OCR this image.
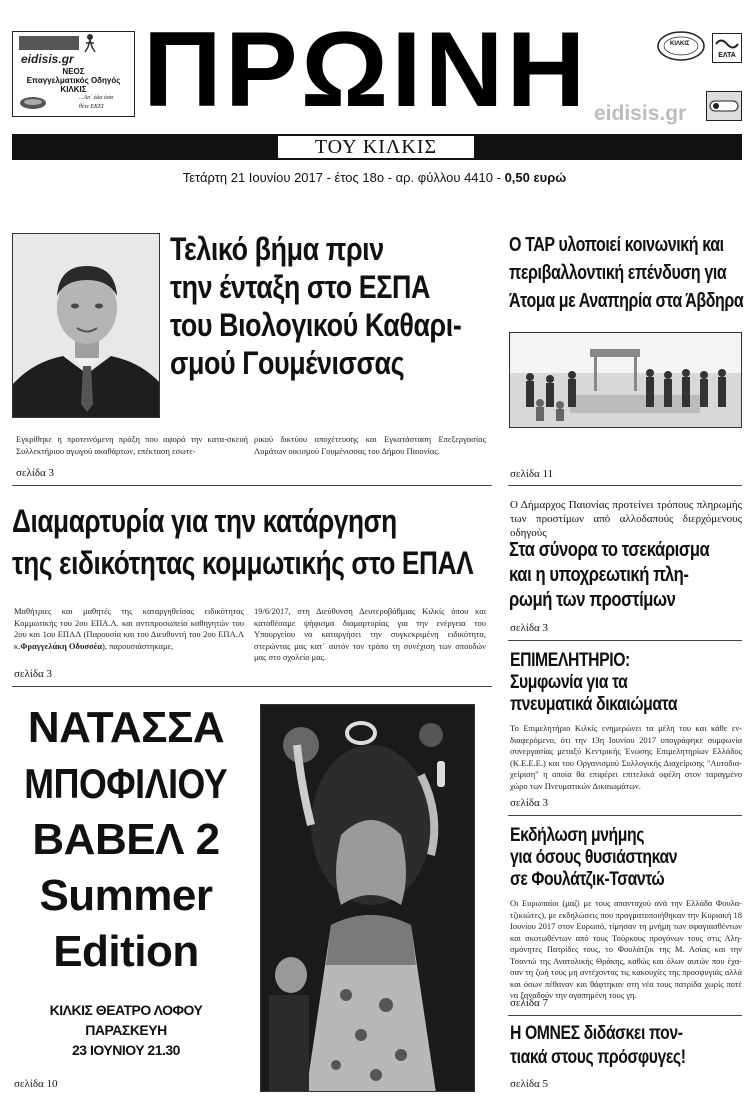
eidisis.gr
ΝΕΟΣ
Επαγγελματικός Οδηγός
ΚΙΛΚΙΣ
...Απ΄ όλα όσα
θέτε ΕΚΕΙ ΠΡΩΙΝΗ	ΚΙΛΚΙΣ
ΕΛΤΑ
eidisis.gr
ΤΟΥ ΚΙΛΚΙΣ
Τετάρτη 21 Ιουνίου 2017 - έτος 18ο - αρ. φύλλου 4410 - 0,50 ευρώ
Τελικό βήμα πριν
την ένταξη στο ΕΣΠΑ
του Βιολογικού Καθαρι-
σμού Γουμένισσας
Εγκρίθηκε η προτεινόμενη πράξη που αφορά την κατα-σκευή Συλλεκτήριου αγωγού ακαθάρτων, επέκταση εσωτε-
ρικού δικτύου αποχέτευσης και Εγκατάσταση Επεξεργασίας Λυμάτων οικισμού Γουμένισσας του Δήμου Παιονίας.
σελίδα 3
Ο TAP υλοποιεί κοινωνική και
περιβαλλοντική επένδυση για
Άτομα με Αναπηρία στα Άβδηρα
σελίδα 11
Διαμαρτυρία για την κατάργηση
της ειδικότητας κομμωτικής στο ΕΠΑΛ
Μαθήτριες και μαθητές της καταργηθείσας ειδικότητας Κομμωτικής του 2ου ΕΠΑ.Λ. και αντιπροσωπεία καθηγητών του 2ου και 1ου ΕΠΑΛ (Παρουσία και του Διευθυντή του 2ου ΕΠΑ.Λ κ.Φραγγελάκη Οδυσσέα), παρουσιάστηκαμε,
19/6/2017, στη Διεύθυνση Δευτεροβάθμιας Κιλκίς όπου και καταθέσαμε ψήφισμα διαμαρτυρίας για την ενέργεια του Υπουργείου να καταργήσει την συγκεκριμένη ειδικότητα, στερώντας μας κατ΄ αυτόν τον τρόπο τη συνέχιση των σπουδών μας στο σχολείο μας.
σελίδα 3
Ο Δήμαρχος Παιονίας προτείνει τρόπους πληρωμής των προστίμων από αλλοδαπούς διερχόμενους οδηγούς
Στα σύνορα το τσεκάρισμα
και η υποχρεωτική πλη-
ρωμή των προστίμων
σελίδα 3
ΕΠΙΜΕΛΗΤΗΡΙΟ:
Συμφωνία για τα
πνευματικά δικαιώματα
Το Επιμελητήριο Κιλκίς ενημερώνει τα μέλη του και κάθε εν-διαφερόμενο, ότι την 13η Ιουνίου 2017 υπογράφηκε συμφωνία συνεργασίας μεταξύ Κεντρικής Ένωσης Επιμελητηρίων Ελλάδος (Κ.Ε.Ε.Ε.) και του Οργανισμού Συλλογικής Διαχείρισης "Αυτοδια-χείριση" η οποία θα επιφέρει επιτελικά οφέλη στον ταραγμένο χώρο των Πνευματικών Δικαιωμάτων.
σελίδα 3
Εκδήλωση μνήμης
για όσους θυσιάστηκαν
σε Φουλάτζικ-Τσαντώ
Οι Ευρωπαίοι (μαζί με τους απανταχού ανά την Ελλάδα Φουλα-τζικιώτες), με εκδηλώσεις που πραγματοποιήθηκαν την Κυριακή 18 Ιουνίου 2017 στον Ευρωπό, τίμησαν τη μνήμη των σφαγιασθέντων και σκοτωθέντων από τους Τούρκους προγόνων τους στις Αλη-σμόνητες Πατρίδες τους, το Φουλάτζικ της Μ. Ασίας και την Τσαντώ της Ανατολικής Θράκης, καθώς και όλων αυτών που έχα-σαν τη ζωή τους μη αντέχοντας τις κακουχίες της προσφυγιάς αλλά και όσων πέθαναν και θάφτηκαν στη νέα τους πατρίδα χωρίς ποτέ να ξαναδούν την αγαπημένη τους γη.
σελίδα 7
Η ΟΜΝΕΣ διδάσκει πον-
τιακά στους πρόσφυγες!
σελίδα 5
ΝΑΤΑΣΣΑ
ΜΠΟΦΙΛΙΟΥ
ΒΑΒΕΛ 2
Summer
Edition
ΚΙΛΚΙΣ ΘΕΑΤΡΟ ΛΟΦΟΥ
ΠΑΡΑΣΚΕΥΗ
23 ΙΟΥΝΙΟΥ 21.30
σελίδα 10
